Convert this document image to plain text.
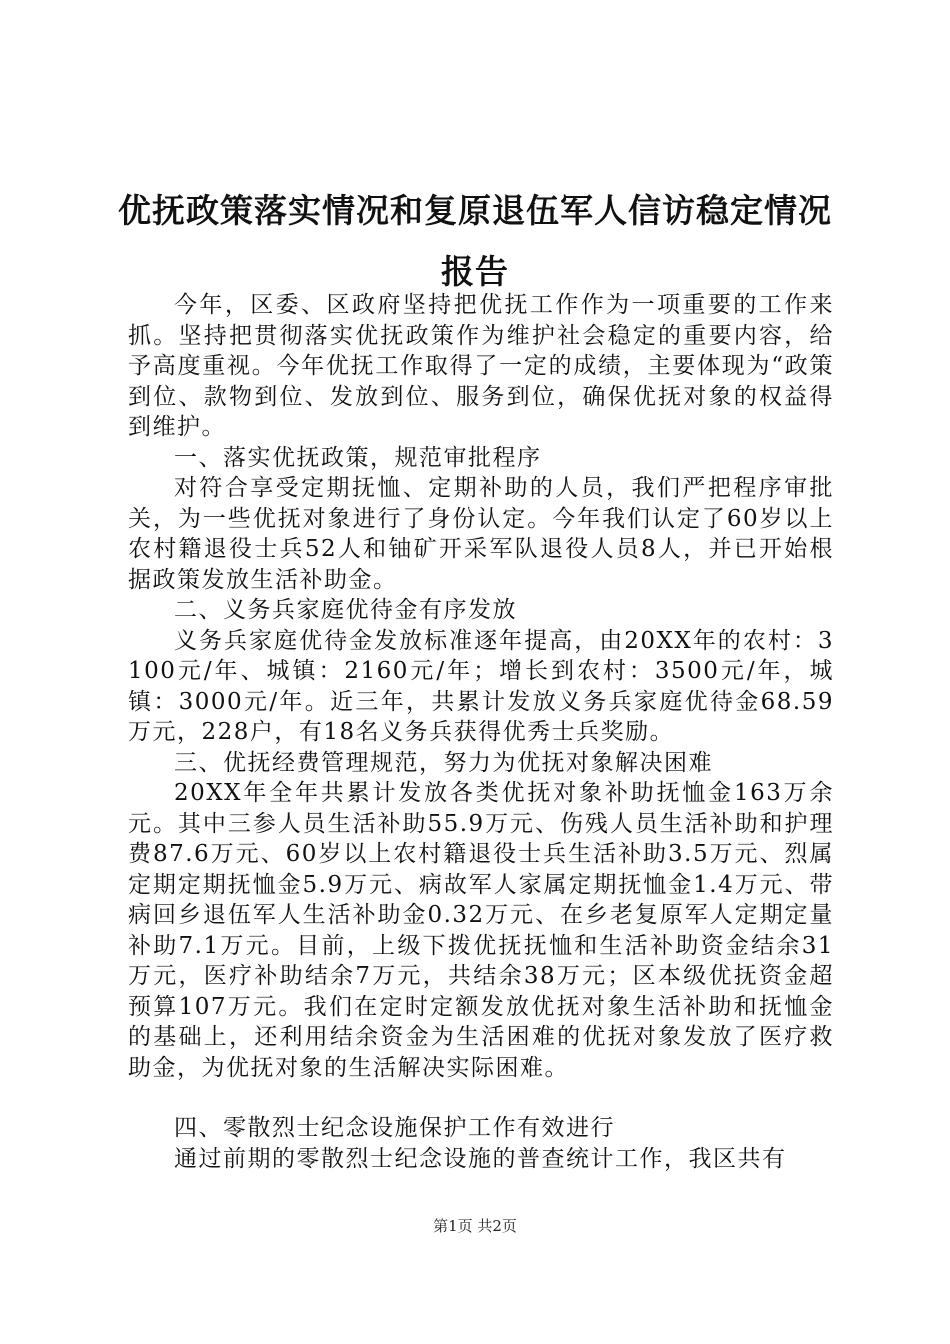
优抚政策落实情况和复原退伍军人信访稳定情况报告

今年，区委、区政府坚持把优抚工作作为一项重要的工作来抓。坚持把贯彻落实优抚政策作为维护社会稳定的重要内容，给予高度重视。今年优抚工作取得了一定的成绩，主要体现为“政策到位、款物到位、发放到位、服务到位，确保优抚对象的权益得到维护。

一、落实优抚政策，规范审批程序

对符合享受定期抚恤、定期补助的人员，我们严把程序审批关，为一些优抚对象进行了身份认定。今年我们认定了60岁以上农村籍退役士兵52人和铀矿开采军队退役人员8人，并已开始根据政策发放生活补助金。

二、义务兵家庭优待金有序发放

义务兵家庭优待金发放标准逐年提高，由20XX年的农村：3100元/年、城镇：2160元/年；增长到农村：3500元/年，城镇：3000元/年。近三年，共累计发放义务兵家庭优待金68.59万元，228户，有18名义务兵获得优秀士兵奖励。

三、优抚经费管理规范，努力为优抚对象解决困难

20XX年全年共累计发放各类优抚对象补助抚恤金163万余元。其中三参人员生活补助55.9万元、伤残人员生活补助和护理费87.6万元、60岁以上农村籍退役士兵生活补助3.5万元、烈属定期定期抚恤金5.9万元、病故军人家属定期抚恤金1.4万元、带病回乡退伍军人生活补助金0.32万元、在乡老复原军人定期定量补助7.1万元。目前，上级下拨优抚抚恤和生活补助资金结余31万元，医疗补助结余7万元，共结余38万元；区本级优抚资金超预算107万元。我们在定时定额发放优抚对象生活补助和抚恤金的基础上，还利用结余资金为生活困难的优抚对象发放了医疗救助金，为优抚对象的生活解决实际困难。

四、零散烈士纪念设施保护工作有效进行

通过前期的零散烈士纪念设施的普查统计工作，我区共有

第1页 共2页
